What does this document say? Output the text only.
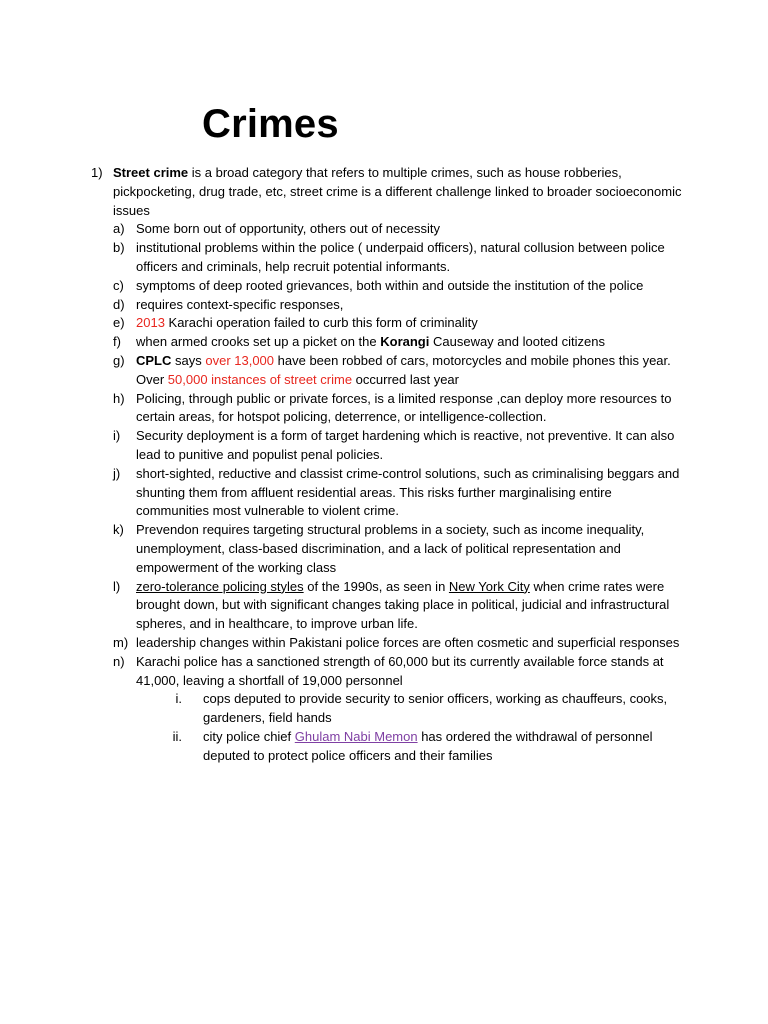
Crimes
1) Street crime is a broad category that refers to multiple crimes, such as house robberies, pickpocketing, drug trade, etc, street crime is a different challenge linked to broader socioeconomic issues
a) Some born out of opportunity, others out of necessity
b) institutional problems within the police ( underpaid officers), natural collusion between police officers and criminals, help recruit potential informants.
c) symptoms of deep rooted grievances, both within and outside the institution of the police
d) requires context-specific responses,
e) 2013 Karachi operation failed to curb this form of criminality
f) when armed crooks set up a picket on the Korangi Causeway and looted citizens
g) CPLC says over 13,000 have been robbed of cars, motorcycles and mobile phones this year. Over 50,000 instances of street crime occurred last year
h) Policing, through public or private forces, is a limited response ,can deploy more resources to certain areas, for hotspot policing, deterrence, or intelligence-collection.
i) Security deployment is a form of target hardening which is reactive, not preventive. It can also lead to punitive and populist penal policies.
j) short-sighted, reductive and classist crime-control solutions, such as criminalising beggars and shunting them from affluent residential areas. This risks further marginalising entire communities most vulnerable to violent crime.
k) Prevendon requires targeting structural problems in a society, such as income inequality, unemployment, class-based discrimination, and a lack of political representation and empowerment of the working class
l) zero-tolerance policing styles of the 1990s, as seen in New York City when crime rates were brought down, but with significant changes taking place in political, judicial and infrastructural spheres, and in healthcare, to improve urban life.
m) leadership changes within Pakistani police forces are often cosmetic and superficial responses
n) Karachi police has a sanctioned strength of 60,000 but its currently available force stands at 41,000, leaving a shortfall of 19,000 personnel
i. cops deputed to provide security to senior officers, working as chauffeurs, cooks, gardeners, field hands
ii. city police chief Ghulam Nabi Memon has ordered the withdrawal of personnel deputed to protect police officers and their families
